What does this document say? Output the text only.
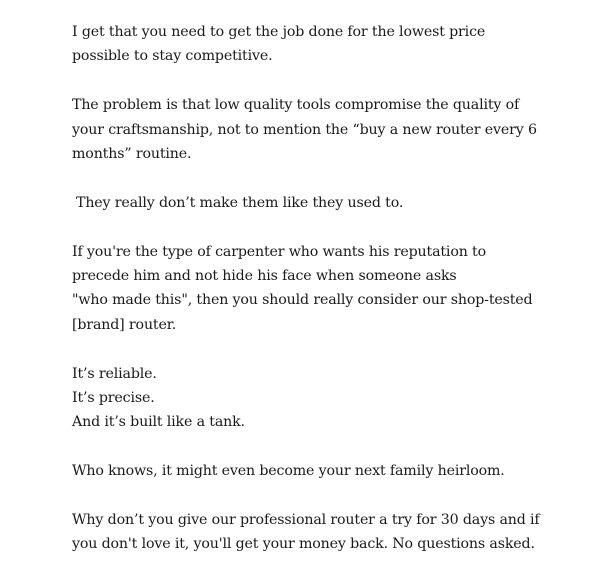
I get that you need to get the job done for the lowest price
possible to stay competitive.

The problem is that low quality tools compromise the quality of
your craftsmanship, not to mention the “buy a new router every 6
months” routine.

They really don’t make them like they used to.

If you're the type of carpenter who wants his reputation to
precede him and not hide his face when someone asks
"who made this", then you should really consider our shop-tested
[brand] router.

It’s reliable.
It’s precise.
And it’s built like a tank.

Who knows, it might even become your next family heirloom.

Why don’t you give our professional router a try for 30 days and if
you don't love it, you'll get your money back. No questions asked.
